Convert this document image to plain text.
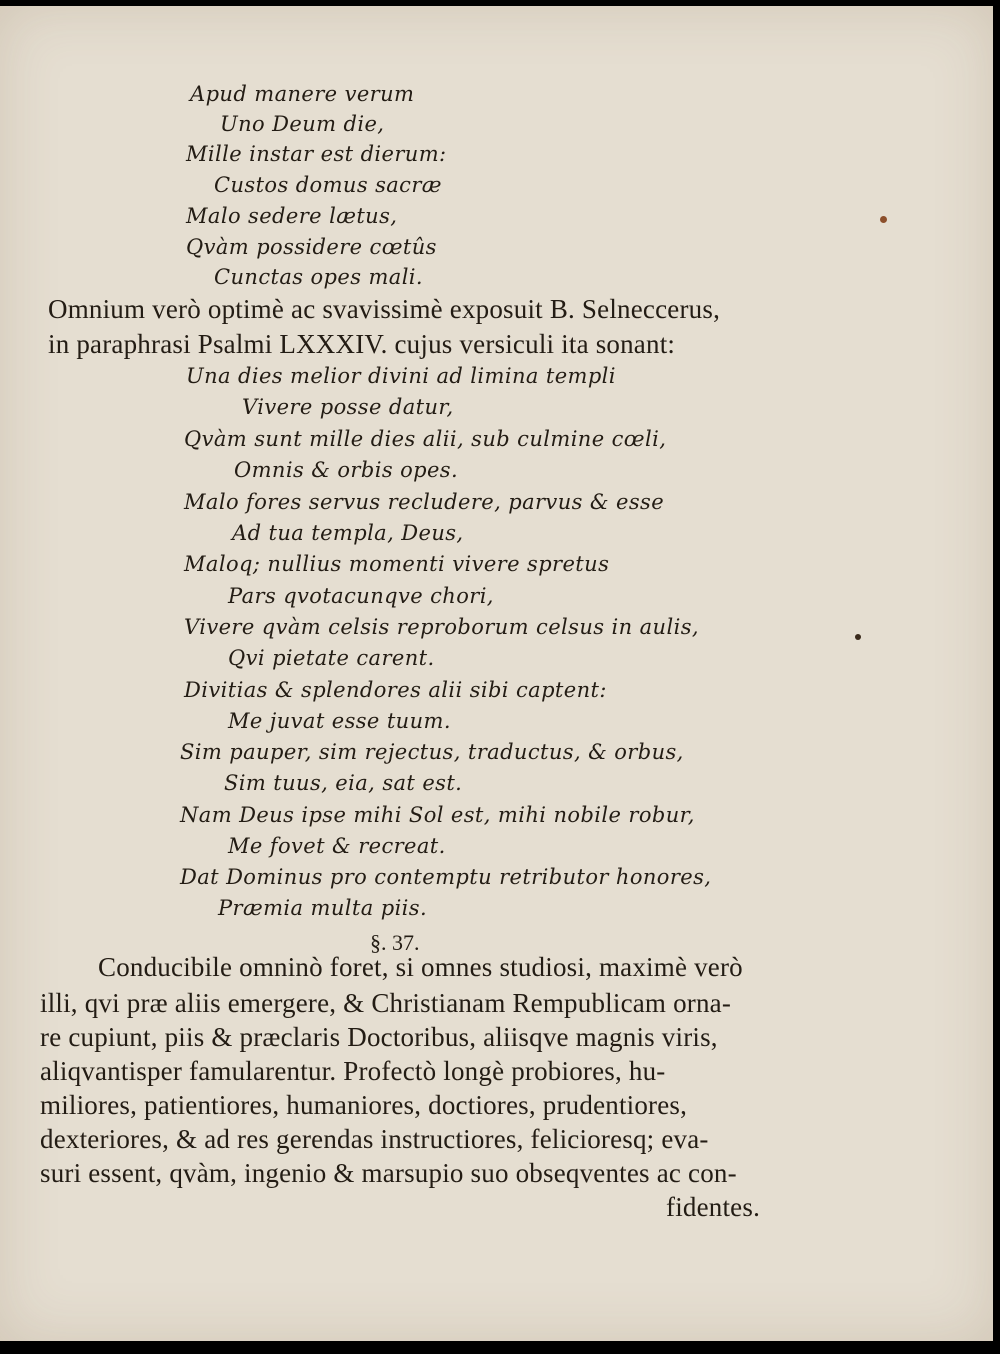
Apud manere verum
Uno Deum die,
Mille instar est dierum:
Custos domus sacræ
Malo sedere lætus,
Qvàm possidere cœtûs
Cunctas opes mali.
Omnium verò optimè ac svavissimè exposuit B. Selneccerus,
in paraphrasi Psalmi LXXXIV. cujus versiculi ita sonant:
Una dies melior divini ad limina templi
Vivere posse datur,
Qvàm sunt mille dies alii, sub culmine cœli,
Omnis & orbis opes.
Malo fores servus recludere, parvus & esse
Ad tua templa, Deus,
Maloq; nullius momenti vivere spretus
Pars qvotacunqve chori,
Vivere qvàm celsis reproborum celsus in aulis,
Qvi pietate carent.
Divitias & splendores alii sibi captent:
Me juvat esse tuum.
Sim pauper, sim rejectus, traductus, & orbus,
Sim tuus, eia, sat est.
Nam Deus ipse mihi Sol est, mihi nobile robur,
Me fovet & recreat.
Dat Dominus pro contemptu retributor honores,
Præmia multa piis.
§. 37.
Conducibile omninò foret, si omnes studiosi, maximè verò
illi, qvi præ aliis emergere, & Christianam Rempublicam orna-
re cupiunt, piis & præclaris Doctoribus, aliisqve magnis viris,
aliqvantisper famularentur. Profectò longè probiores, hu-
miliores, patientiores, humaniores, doctiores, prudentiores,
dexteriores, & ad res gerendas instructiores, felicioresq; eva-
suri essent, qvàm, ingenio & marsupio suo obseqventes ac con-
fidentes.
